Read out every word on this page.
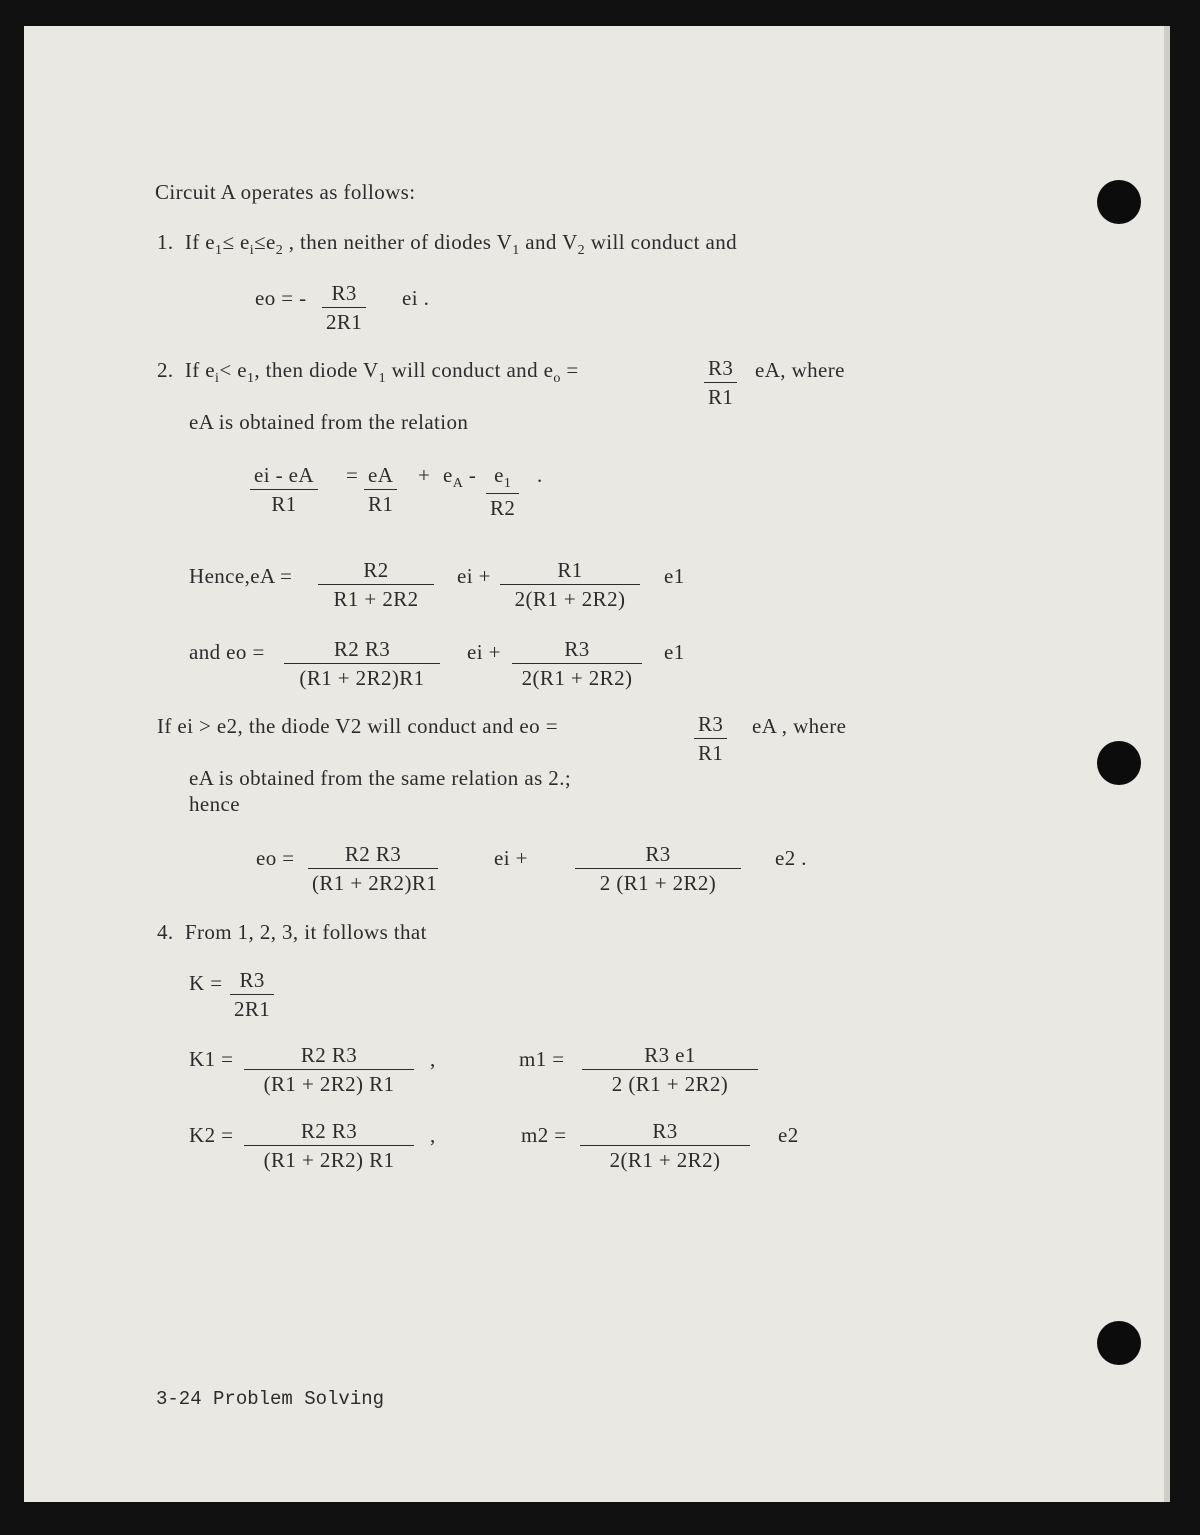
Circuit A operates as follows:
1.  If $e_1\le e_i\le e_2$ , then neither of diodes $V_1$ and $V_2$ will conduct and
eo = - $\frac{R3}{2R1}$ ei .
2.  If $e_i< e_1$, then diode $V_1$ will conduct and $e_o$ =	$\frac{R3}{R1}$ eA, where
eA is obtained from the relation
$\frac{ei - eA}{R1} = \frac{eA}{R1} + e_A - \frac{e_1}{R2}$ .
Hence,eA = $\frac{R2}{R1 + 2R2}$ ei + $\frac{R1}{2(R1 + 2R2)} e1$
and eo = $\frac{R2 R3}{(R1 + 2R2)R1}$ ei + $\frac{R3}{2(R1 + 2R2)} e1$
If ei > e2, the diode V2 will conduct and eo =	$\frac{R3}{R1}$ eA , where
eA is obtained from the same relation as 2.;
hence
eo = $\frac{R2 R3}{(R1 + 2R2)R1}$	ei + $\frac{R3}{2 (R1 + 2R2)} e2$ .
4. From 1, 2, 3, it follows that
$K = \frac{R3}{2R1}$
$K1 = \frac{R2 R3}{(R1 + 2R2) R1}$ ,	$m1 = \frac{R3 e1}{2 (R1 + 2R2)}$
$K2 = \frac{R2 R3}{(R1 + 2R2) R1}$ ,	$m2 = \frac{R3}{2(R1 + 2R2)} e2$
3-24 Problem Solving
